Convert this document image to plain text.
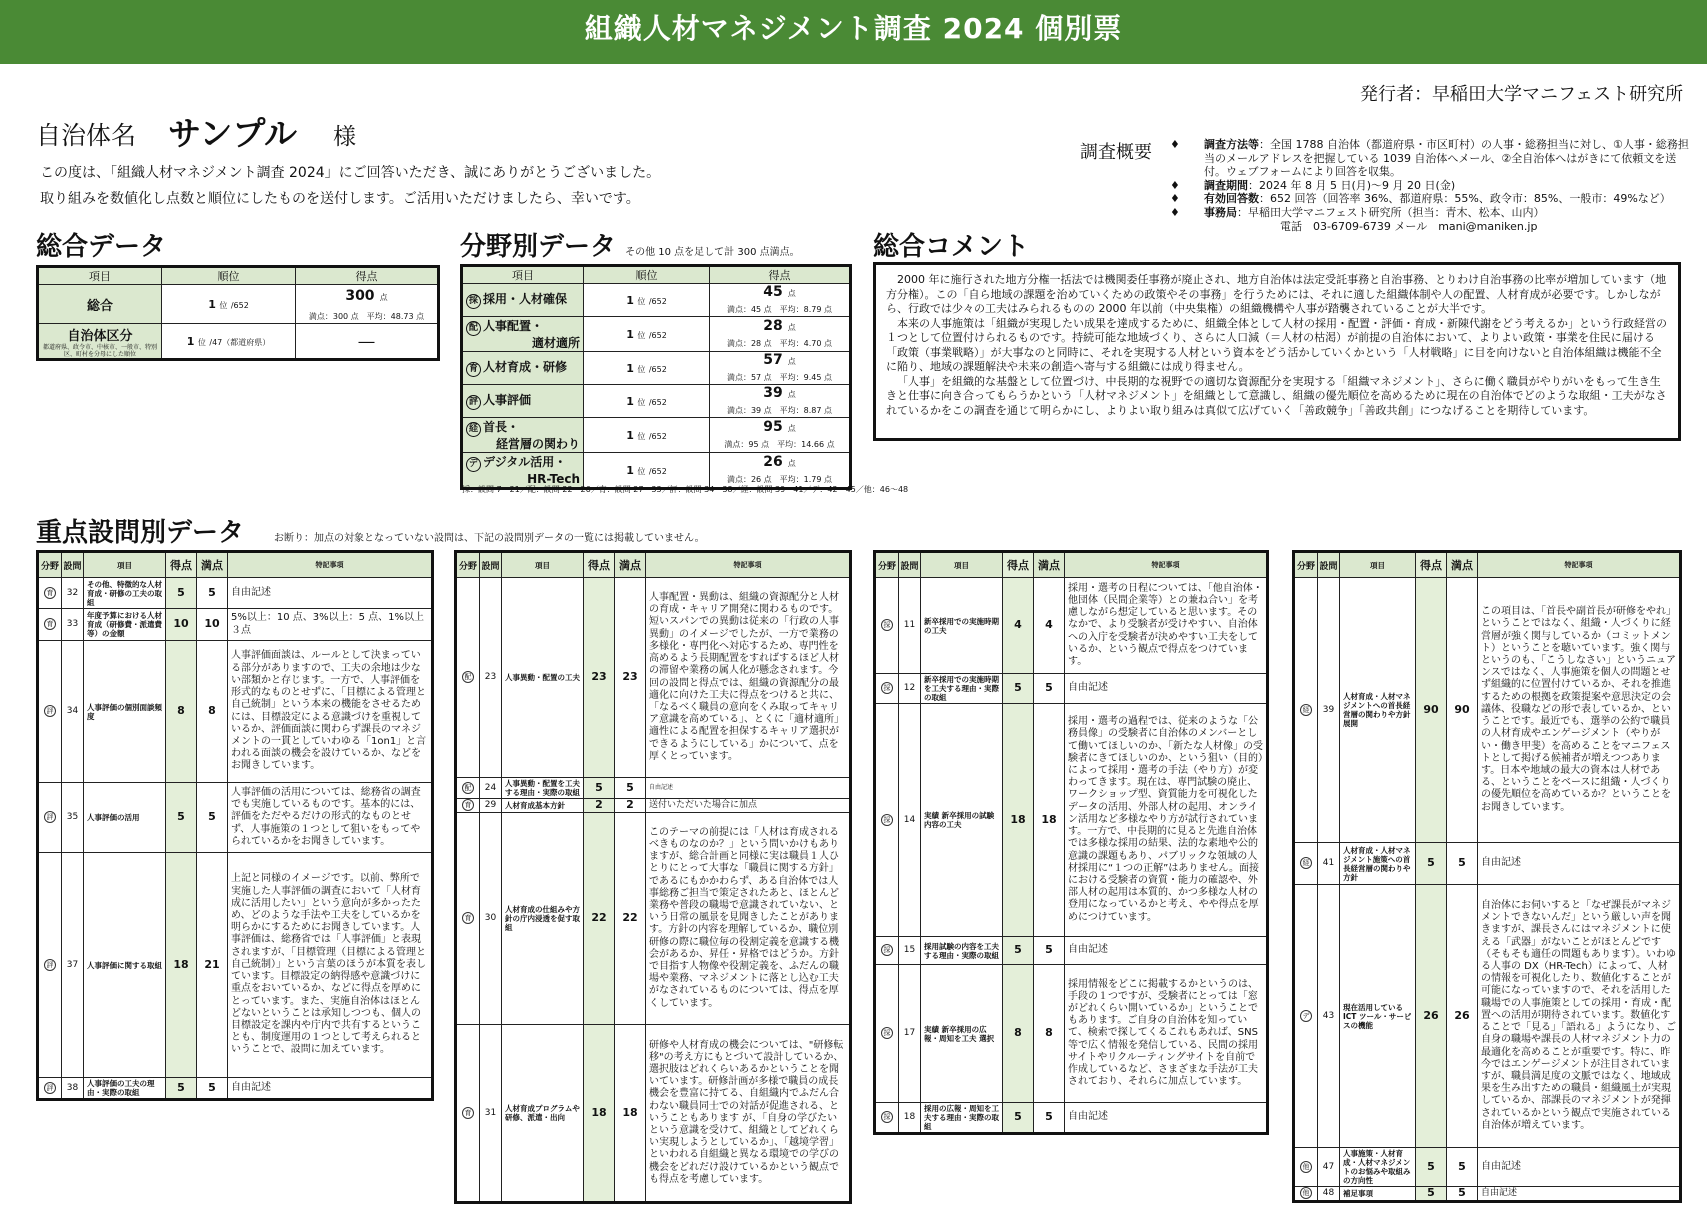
組織人材マネジメント調査 2024 個別票
発行者：早稲田大学マニフェスト研究所
自治体名 サンプル 様
この度は、「組織人材マネジメント調査 2024」にご回答いただき、誠にありがとうございました。
取り組みを数値化し点数と順位にしたものを送付します。ご活用いただけましたら、幸いです。
調査概要 ♦ 調査方法等：全国 1788 自治体（都道府県・市区町村）の人事・総務担当に対し、①人事・総務担当のメールアドレスを把握している 1039 自治体へメール、②全自治体へはがきにて依頼文を送付。ウェブフォームにより回答を収集。
♦ 調査期間：2024 年 8 月 5 日(月)〜9 月 20 日(金)
♦ 有効回答数：652 回答（回答率 36%、都道府県：55%、政令市：85%、一般市：49%など）
♦ 事務局：早稲田大学マニフェスト研究所（担当：青木、松本、山内）
電話　03-6709-6739 メール　mani@maniken.jp
総合データ
項目	順位	得点
総合	1 位 /652	300 点
満点：300 点　平均：48.73 点

自治体区分
都道府県、政令市、中核市、一般市、特別区、町村を分母にした順位	1 位 /47（都道府県）	―
分野別データ その他 10 点を足して計 300 点満点。
項目	順位	得点
採 採用・人材確保	1 位 /652	45 点
満点：45 点　平均：8.79 点
配 人事配置・
適材適所	1 位 /652	28 点
満点：28 点　平均：4.70 点
育 人材育成・研修	1 位 /652	57 点
満点：57 点　平均：9.45 点
評 人事評価	1 位 /652	39 点
満点：39 点　平均：8.87 点
経 首長・
経営層の関わり	1 位 /652	95 点
満点：95 点　平均：14.66 点
デ デジタル活用・
HR-Tech	1 位 /652	26 点
満点：26 点　平均：1.79 点
採：設問 7〜21／配：設問 22〜26／育：設問 27〜33／評：設問 34〜38／経：設問 39〜41／デ：42〜45／他：46〜48
総合コメント

2000 年に施行された地方分権一括法では機関委任事務が廃止され、地方自治体は法定受託事務と自治事務、とりわけ自治事務の比率が増加しています（地方分権）。この「自ら地域の課題を治めていくための政策やその事務」を行うためには、それに適した組織体制や人の配置、人材育成が必要です。しかしながら、行政では少々の工夫はみられるものの 2000 年以前（中央集権）の組織機構や人事が踏襲されていることが大半です。

本来の人事施策は「組織が実現したい成果を達成するために、組織全体として人材の採用・配置・評価・育成・新陳代謝をどう考えるか」という行政経営の１つとして位置付けられるものです。持続可能な地域づくり、さらに人口減（＝人材の枯渇）が前提の自治体において、よりよい政策・事業を住民に届ける「政策（事業戦略）」が大事なのと同時に、それを実現する人材という資本をどう活かしていくかという「人材戦略」に目を向けないと自治体組織は機能不全に陥り、地域の課題解決や未来の創造へ寄与する組織には成り得ません。

「人事」を組織的な基盤として位置づけ、中長期的な視野での適切な資源配分を実現する「組織マネジメント」、さらに働く職員がやりがいをもって生き生きと仕事に向き合ってもらうかという「人材マネジメント」を組織として意識し、組織の優先順位を高めるために現在の自治体でどのような取組・工夫がなされているかをこの調査を通じて明らかにし、よりよい取り組みは真似て広げていく「善政競争」「善政共創」につなげることを期待しています。

重点設問別データ	お断り：加点の対象となっていない設問は、下記の設問別データの一覧には掲載していません。
分野	設問	項目	得点	満点	特記事項
育	32	その他、特徴的な人材育成・研修の工夫の取組	5	5	自由記述
育	33	年度予算における人材育成（研修費・派遣費等）の金額	10	10	5%以上：10 点、3%以上：5 点、1%以上３点
評	34	人事評価の個別面談頻度	8	8	人事評価面談は、ルールとして決まっている部分がありますので、工夫の余地は少ない部類かと存じます。一方で、人事評価を形式的なものとせずに、「目標による管理と自己統制」という本来の機能をさせるためには、目標設定による意識づけを重視しているか、評価面談に関わらず課長のマネジメントの一貫としていわゆる「1on1」と言われる面談の機会を設けているか、などをお聞きしています。
評	35	人事評価の活用	5	5	人事評価の活用については、総務省の調査でも実施しているものです。基本的には、評価をただやるだけの形式的なものとせず、人事施策の１つとして狙いをもってやられているかをお聞きしています。
評	37	人事評価に関する取組	18	21	上記と同様のイメージです。以前、弊所で実施した人事評価の調査において「人材育成に活用したい」という意向が多かったため、どのような手法や工夫をしているかを明らかにするためにお聞きしています。人事評価は、総務省では「人事評価」と表現されますが、「目標管理（目標による管理と自己統制）」という言葉のほうが本質を表しています。目標設定の納得感や意識づけに重点をおいているか、などに得点を厚めにとっています。また、実施自治体はほとんどないということは承知しつつも、個人の目標設定を課内や庁内で共有するということも、制度運用の１つとして考えられるということで、設問に加えています。
評	38	人事評価の工夫の理由・実際の取組	5	5	自由記述
分野	設問	項目	得点	満点	特記事項
配	23	人事異動・配置の工夫	23	23	人事配置・異動は、組織の資源配分と人材の育成・キャリア開発に関わるものです。短いスパンでの異動は従来の「行政の人事異動」のイメージでしたが、一方で業務の多様化・専門化へ対応するため、専門性を高めるよう長期配置をすればするほど人材の滞留や業務の属人化が懸念されます。今回の設問と得点では、組織の資源配分の最適化に向けた工夫に得点をつけると共に、「なるべく職員の意向をくみ取ってキャリア意識を高めている」、とくに「適材適所」適性による配置を担保するキャリア選択ができるようにしている」かについて、点を厚くとっています。
配	24	人事異動・配置を工夫する理由・実際の取組	5	5	自由記述
育	29	人材育成基本方針	2	2	送付いただいた場合に加点
育	30	人材育成の仕組みや方針の庁内浸透を促す取組	22	22	このテーマの前提には「人材は育成されるべきものなのか？」という問いかけもありますが、総合計画と同様に実は職員１人ひとりにとって大事な「職員に関する方針」であるにもかかわらず、ある自治体では人事総務ご担当で策定されたあと、ほとんど業務や普段の職場で意識されていない、という日常の風景を見聞きしたことがあります。方針の内容を理解しているか、職位別研修の際に職位毎の役割定義を意識する機会があるか、昇任・昇格ではどうか。方針で目指す人物像や役割定義を、ふだんの職場や業務、マネジメントに落とし込む工夫がなされているものについては、得点を厚くしています。
育	31	人材育成プログラムや研修、派遣・出向	18	18	研修や人材育成の機会については、"研修転移"の考え方にもとづいて設計しているか、選択肢はどれくらいあるかということを聞いています。研修計画が多様で職員の成長機会を豊富に持てる、自組織内でふだん合わない職員同士での対話が促進される、ということもあります が、「自身の学びたいという意識を受けて、組織としてどれくらい実現しようとしているか」、「越境学習」といわれる自組織と異なる環境での学びの機会をどれだけ設けているかという観点でも得点を考慮しています。
分野	設問	項目	得点	満点	特記事項
採	11	新卒採用での実施時期の工夫	4	4	採用・選考の日程については、「他自治体・他団体（民間企業等）との兼ね合い」を考慮しながら想定していると思います。そのなかで、より受験者が受けやすい、自治体への入庁を受験者が決めやすい工夫をしているか、という観点で得点をつけています。
採	12	新卒採用での実施時期を工夫する理由・実際の取組	5	5	自由記述
採	14	実績 新卒採用の試験内容の工夫	18	18	採用・選考の過程では、従来のような「公務員像」の受験者に自治体のメンバーとして働いてほしいのか、「新たな人材像」の受験者にきてほしいのか、という狙い（目的）によって採用・選考の手法（やり方）が変わってきます。現在は、専門試験の廃止、ワークショップ型、資質能力を可視化したデータの活用、外部人材の起用、オンライン活用など多様なやり方が試行されています。一方で、中長期的に見ると先進自治体では多様な採用の結果、法的な素地や公的意識の課題もあり、パブリックな領域の人材採用に“１つの正解”はありません。面接における受験者の資質・能力の確認や、外部人材の起用は本質的、かつ多様な人材の登用になっているかと考え、やや得点を厚めにつけています。
採	15	採用試験の内容を工夫する理由・実際の取組	5	5	自由記述
採	17	実績 新卒採用の広報・周知を工夫 選択	8	8	採用情報をどこに掲載するかというのは、手段の１つですが、受験者にとっては「窓がどれくらい開いているか」ということでもあります。ご自身の自治体を知っていて、検索で探してくるこれもあれば、SNS 等で広く情報を発信している、民間の採用サイトやリクルーティングサイトを自前で作成しているなど、さまざまな手法が工夫されており、それらに加点しています。
採	18	採用の広報・周知を工夫する理由・実際の取組	5	5	自由記述
分野	設問	項目	得点	満点	特記事項
経	39	人材育成・人材マネジメントへの首長経営層の関わりや方針展開	90	90	この項目は、「首長や副首長が研修をやれ」ということではなく、組織・人づくりに経営層が強く関与しているか（コミットメント）ということを聴いています。強く関与というのも、「こうしなさい」というニュアンスではなく、人事施策を個人の問題とせず組織的に位置付けているか、それを推進するための根拠を政策提案や意思決定の会議体、役職などの形で表しているか、ということです。最近でも、選挙の公約で職員の人材育成やエンゲージメント（やりがい・働き甲斐）を高めることをマニフェストとして掲げる候補者が増えつつあります。日本や地域の最大の資本は人材である、ということをベースに組織・人づくりの優先順位を高めているか？ということをお聞きしています。
経	41	人材育成・人材マネジメント施策への首長経営層の関わりや方針	5	5	自由記述
デ	43	現在活用している ICT ツール・サービスの機能	26	26	自治体にお伺いすると「なぜ課長がマネジメントできないんだ」という厳しい声を聞きますが、課長さんにはマネジメントに使える「武器」がないことがほとんどです（そもそも適任の問題もあります）。いわゆる人事の DX（HR-Tech）によって、人材の情報を可視化したり、数値化することが可能になっていますので、それを活用した職場での人事施策としての採用・育成・配置への活用が期待されています。数値化することで「見る」「語れる」ようになり、ご自身の職場や課長の人材マネジメント力の最適化を高めることが重要です。特に、昨今ではエンゲージメントが注目されていますが、職員満足度の文脈ではなく、地域成果を生み出すための職員・組織風土が実現しているか、部課長のマネジメントが発揮されているかという観点で実施されている自治体が増えています。
他	47	人事施策・人材育成・人材マネジメントのお悩みや取組みの方向性	5	5	自由記述
他	48	補足事項	5	5	自由記述
